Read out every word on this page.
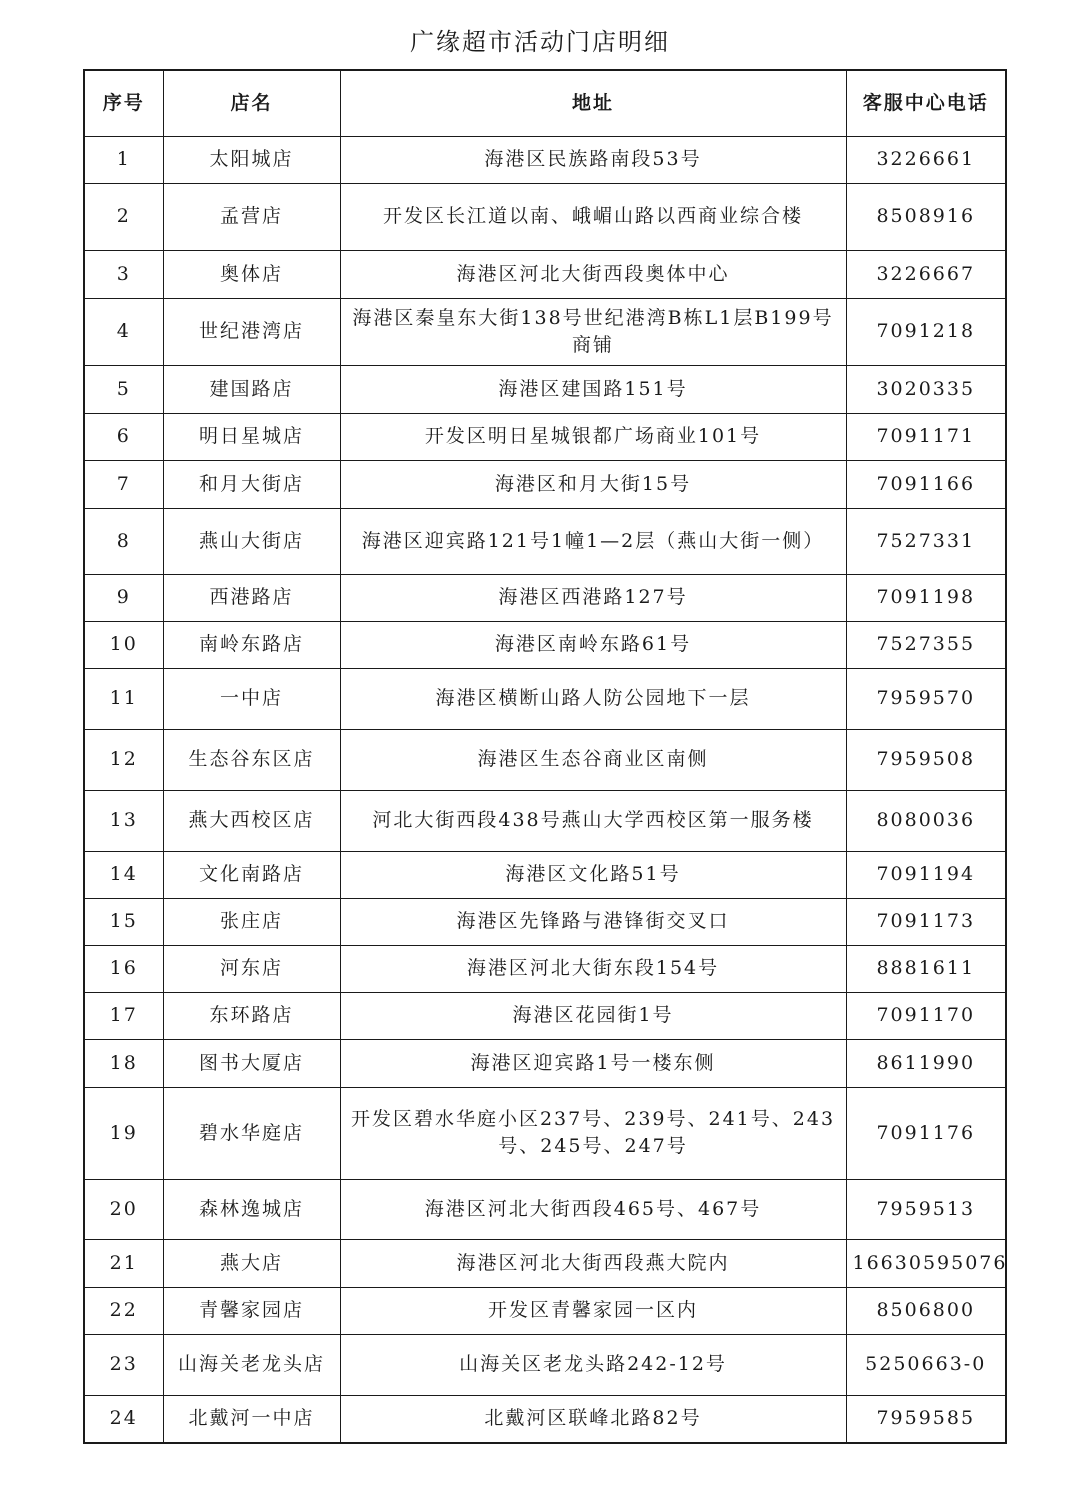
广缘超市活动门店明细
序号	店名	地址	客服中心电话
1	太阳城店	海港区民族路南段53号	3226661
2	孟营店	开发区长江道以南、峨嵋山路以西商业综合楼	8508916
3	奥体店	海港区河北大街西段奥体中心	3226667
4	世纪港湾店	海港区秦皇东大街138号世纪港湾B栋L1层B199号商铺	7091218
5	建国路店	海港区建国路151号	3020335
6	明日星城店	开发区明日星城银都广场商业101号	7091171
7	和月大街店	海港区和月大街15号	7091166
8	燕山大街店	海港区迎宾路121号1幢1—2层（燕山大街一侧）	7527331
9	西港路店	海港区西港路127号	7091198
10	南岭东路店	海港区南岭东路61号	7527355
11	一中店	海港区横断山路人防公园地下一层	7959570
12	生态谷东区店	海港区生态谷商业区南侧	7959508
13	燕大西校区店	河北大街西段438号燕山大学西校区第一服务楼	8080036
14	文化南路店	海港区文化路51号	7091194
15	张庄店	海港区先锋路与港锋街交叉口	7091173
16	河东店	海港区河北大街东段154号	8881611
17	东环路店	海港区花园街1号	7091170
18	图书大厦店	海港区迎宾路1号一楼东侧	8611990
19	碧水华庭店	开发区碧水华庭小区237号、239号、241号、243号、245号、247号	7091176
20	森林逸城店	海港区河北大街西段465号、467号	7959513
21	燕大店	海港区河北大街西段燕大院内	16630595076
22	青馨家园店	开发区青馨家园一区内	8506800
23	山海关老龙头店	山海关区老龙头路242-12号	5250663-0
24	北戴河一中店	北戴河区联峰北路82号	7959585
